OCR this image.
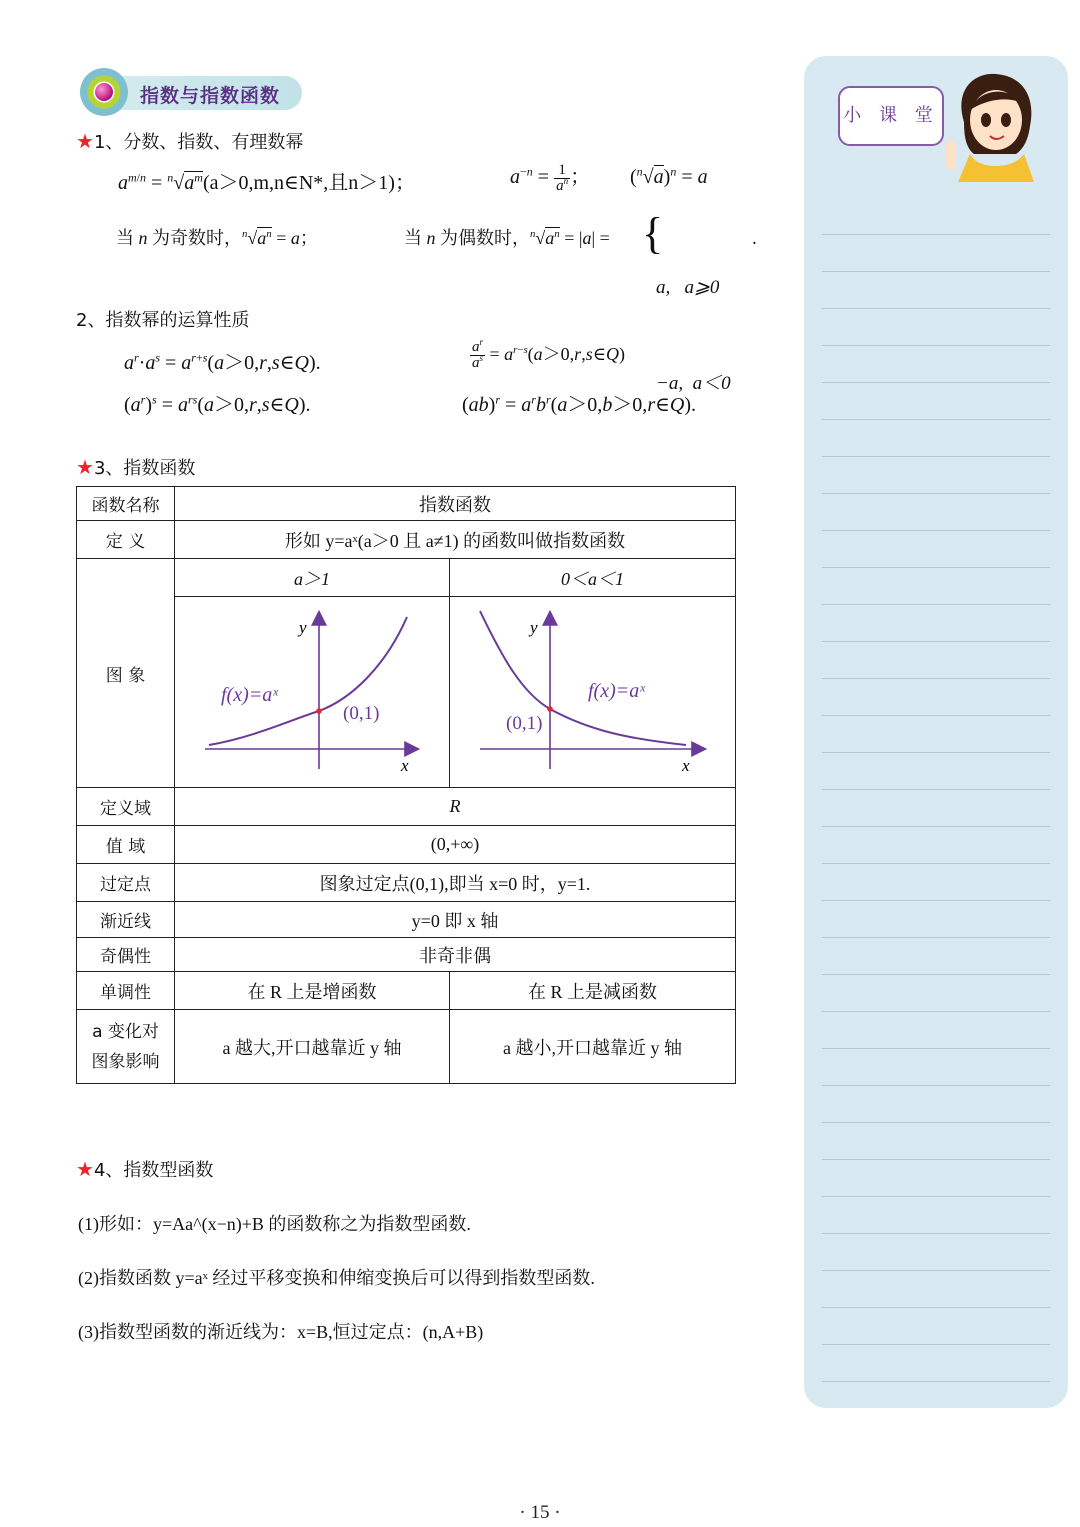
指数与指数函数
★1、分数、指数、有理数幂
$a^{m/n}$ = $^n√a^m(a>0,m,n\in N*$,且n＞1)；	$a^{-n} = \frac{1}{a^n}$ ； $(^n√a)^n = a$
当 n 为奇数时，$^n√a^n = a$；	当 n 为偶数时，$^n√a^n = |a|$ = {

a,   a⩾0

−a,  a＜0

.
2、指数幂的运算性质
$a^r\cdot a^s$ = $a^{r+s}(a>0,r,s\in Q)$.	$\frac{a^r}{a^s}$ = $a^{r-s}(a>0,r,s\in Q)$
$(a^r)^s$ = $a^{rs}(a>0,r,s\in Q)$.	$(ab)^r = a^rb^r(a>0,b>0,r\in Q)$.
★3、指数函数
函数名称	指数函数	
定 义	形如 y=aˣ(a＞0 且 a≠1) 的函数叫做指数函数	
图 象	a＞1	0＜a＜1

y
x
f(x)=aˣ
(0,1)	y
x
f(x)=aˣ
(0,1)

定义域	R	
值 域	(0,+∞)	
过定点	图象过定点(0,1),即当 x=0 时，y=1.	
渐近线	y=0 即 x 轴	
奇偶性	非奇非偶	
单调性	在 R 上是增函数	在 R 上是减函数

a 变化对
图象影响	a 越大,开口越靠近 y 轴	a 越小,开口越靠近 y 轴
★4、指数型函数
(1)形如：y=Aa^(x−n)+B 的函数称之为指数型函数.
(2)指数函数 y=aˣ 经过平移变换和伸缩变换后可以得到指数型函数.
(3)指数型函数的渐近线为：x=B,恒过定点：(n,A+B)
小 课 堂
· 15 ·
